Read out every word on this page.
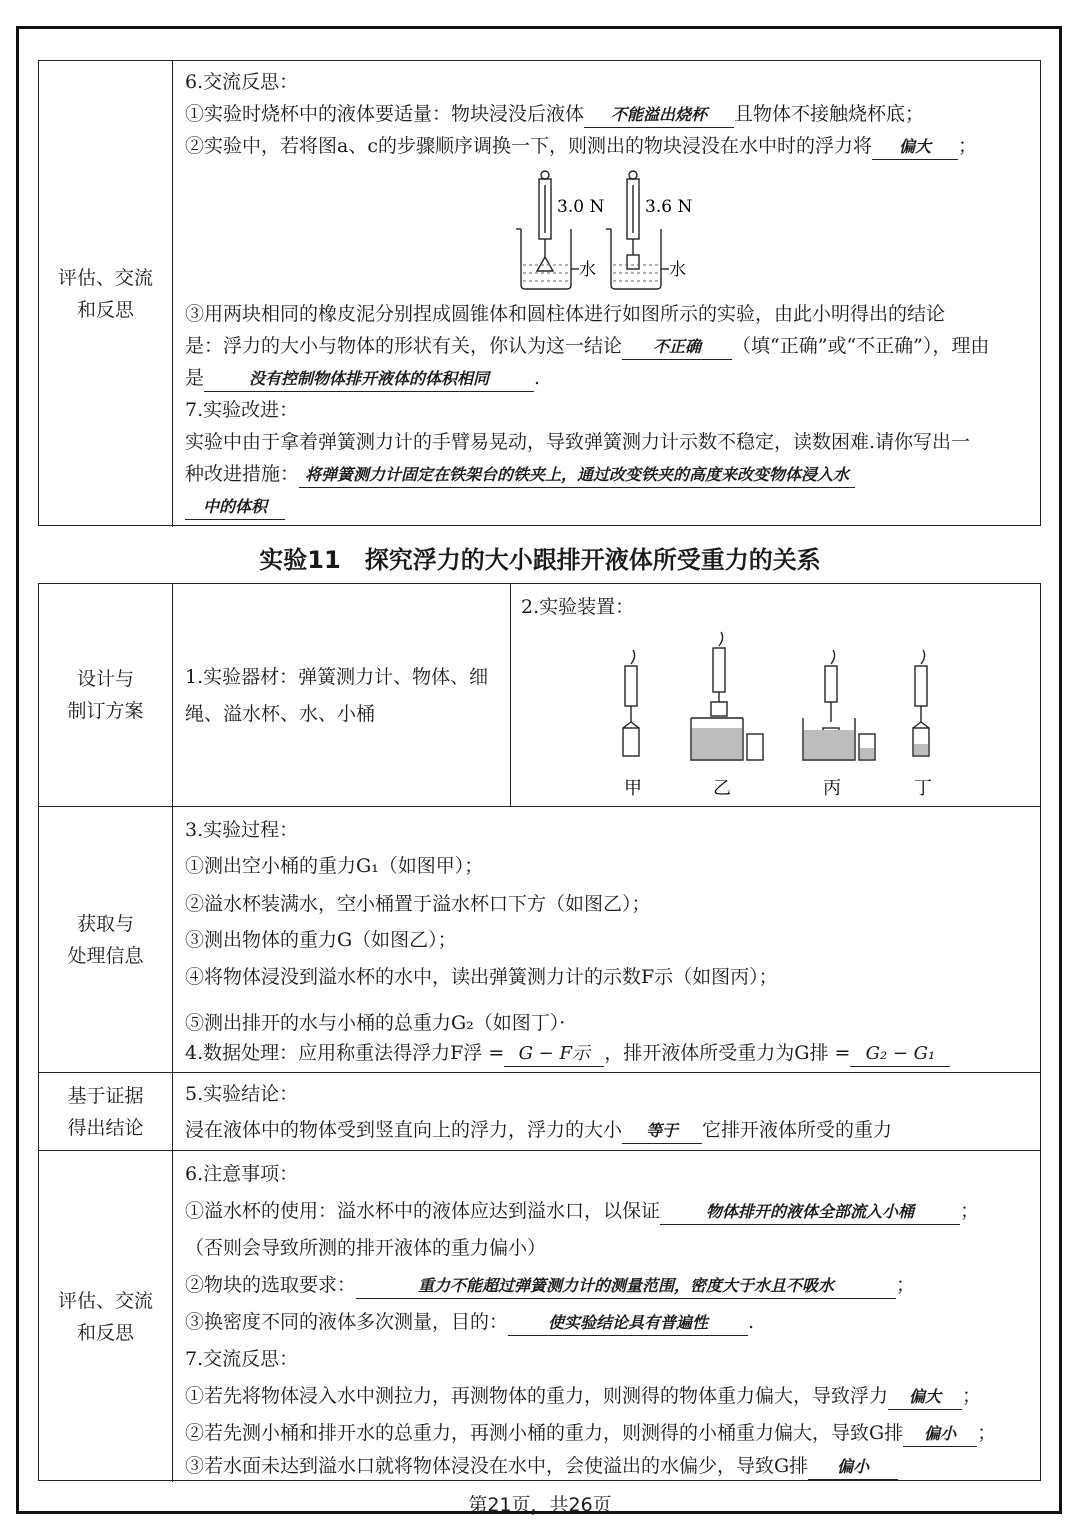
评估、交流
和反思
6.交流反思：
①实验时烧杯中的液体要适量：物块浸没后液体 不能溢出烧杯 且物体不接触烧杯底；
②实验中，若将图a、c的步骤顺序调换一下，则测出的物块浸没在水中时的浮力将 偏大 ；
3.0 N 3.6 N
水	水
③用两块相同的橡皮泥分别捏成圆锥体和圆柱体进行如图所示的实验，由此小明得出的结论
是：浮力的大小与物体的形状有关，你认为这一结论 不正确 （填“正确”或“不正确”），理由
是	没有控制物体排开液体的体积相同 .
7.实验改进：
实验中由于拿着弹簧测力计的手臂易晃动，导致弹簧测力计示数不稳定，读数困难.请你写出一
种改进措施： 将弹簧测力计固定在铁架台的铁夹上，通过改变铁夹的高度来改变物体浸入水
中的体积
实验11　探究浮力的大小跟排开液体所受重力的关系
设计与
制订方案
1.实验器材：弹簧测力计、物体、细
绳、溢水杯、水、小桶
2.实验装置：
甲	乙	丙	丁
获取与
处理信息
3.实验过程：
①测出空小桶的重力G₁（如图甲）；
②溢水杯装满水，空小桶置于溢水杯口下方（如图乙）；
③测出物体的重力G（如图乙）；
④将物体浸没到溢水杯的水中，读出弹簧测力计的示数F示（如图丙）；
⑤测出排开的水与小桶的总重力G₂（如图丁）·
4.数据处理：应用称重法得浮力F浮 = G − F示 ，排开液体所受重力为G排 = G₂ − G₁
基于证据
得出结论
5.实验结论：
浸在液体中的物体受到竖直向上的浮力，浮力的大小 等于 它排开液体所受的重力
评估、交流
和反思
6.注意事项：
①溢水杯的使用：溢水杯中的液体应达到溢水口，以保证	物体排开的液体全部流入小桶 ；
（否则会导致所测的排开液体的重力偏小）
②物块的选取要求：	重力不能超过弹簧测力计的测量范围，密度大于水且不吸水	；
③换密度不同的液体多次测量，目的： 使实验结论具有普遍性 .
7.交流反思：
①若先将物体浸入水中测拉力，再测物体的重力，则测得的物体重力偏大，导致浮力 偏大 ；
②若先测小桶和排开水的总重力，再测小桶的重力，则测得的小桶重力偏大，导致G排 偏小 ；
③若水面未达到溢水口就将物体浸没在水中，会使溢出的水偏少，导致G排 偏小
第21页，共26页
